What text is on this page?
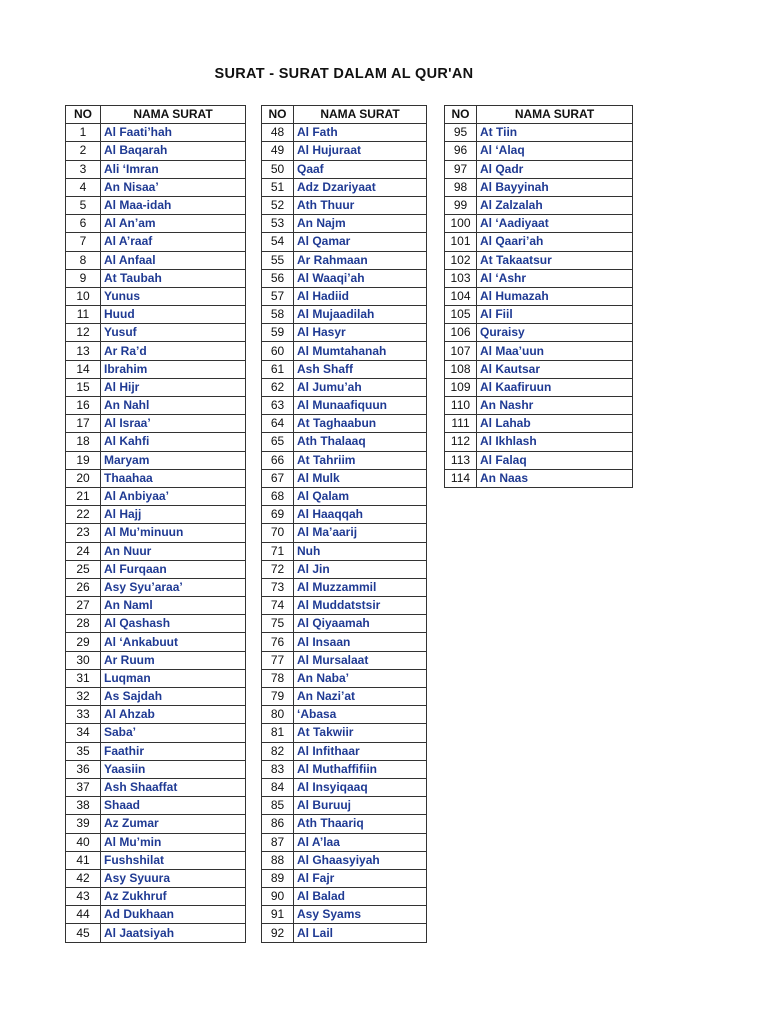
SURAT - SURAT DALAM AL QUR'AN
NO	NAMA SURAT
1	Al Faati’hah
2	Al Baqarah
3	Ali ‘Imran
4	An Nisaa’
5	Al Maa-idah
6	Al An’am
7	Al A’raaf
8	Al Anfaal
9	At Taubah
10	Yunus
11	Huud
12	Yusuf
13	Ar Ra’d
14	Ibrahim
15	Al Hijr
16	An Nahl
17	Al Israa’
18	Al Kahfi
19	Maryam
20	Thaahaa
21	Al Anbiyaa’
22	Al Hajj
23	Al Mu’minuun
24	An Nuur
25	Al Furqaan
26	Asy Syu’araa’
27	An Naml
28	Al Qashash
29	Al ‘Ankabuut
30	Ar Ruum
31	Luqman
32	As Sajdah
33	Al Ahzab
34	Saba’
35	Faathir
36	Yaasiin
37	Ash Shaaffat
38	Shaad
39	Az Zumar
40	Al Mu’min
41	Fushshilat
42	Asy Syuura
43	Az Zukhruf
44	Ad Dukhaan
45	Al Jaatsiyah
NO	NAMA SURAT
48	Al Fath
49	Al Hujuraat
50	Qaaf
51	Adz Dzariyaat
52	Ath Thuur
53	An Najm
54	Al Qamar
55	Ar Rahmaan
56	Al Waaqi’ah
57	Al Hadiid
58	Al Mujaadilah
59	Al Hasyr
60	Al Mumtahanah
61	Ash Shaff
62	Al Jumu’ah
63	Al Munaafiquun
64	At Taghaabun
65	Ath Thalaaq
66	At Tahriim
67	Al Mulk
68	Al Qalam
69	Al Haaqqah
70	Al Ma’aarij
71	Nuh
72	Al Jin
73	Al Muzzammil
74	Al Muddatstsir
75	Al Qiyaamah
76	Al Insaan
77	Al Mursalaat
78	An Naba’
79	An Nazi’at
80	‘Abasa
81	At Takwiir
82	Al Infithaar
83	Al Muthaffifiin
84	Al Insyiqaaq
85	Al Buruuj
86	Ath Thaariq
87	Al A’laa
88	Al Ghaasyiyah
89	Al Fajr
90	Al Balad
91	Asy Syams
92	Al Lail
NO	NAMA SURAT
95	At Tiin
96	Al ‘Alaq
97	Al Qadr
98	Al Bayyinah
99	Al Zalzalah
100	Al ‘Aadiyaat
101	Al Qaari’ah
102	At Takaatsur
103	Al ‘Ashr
104	Al Humazah
105	Al Fiil
106	Quraisy
107	Al Maa’uun
108	Al Kautsar
109	Al Kaafiruun
110	An Nashr
111	Al Lahab
112	Al Ikhlash
113	Al Falaq
114	An Naas
